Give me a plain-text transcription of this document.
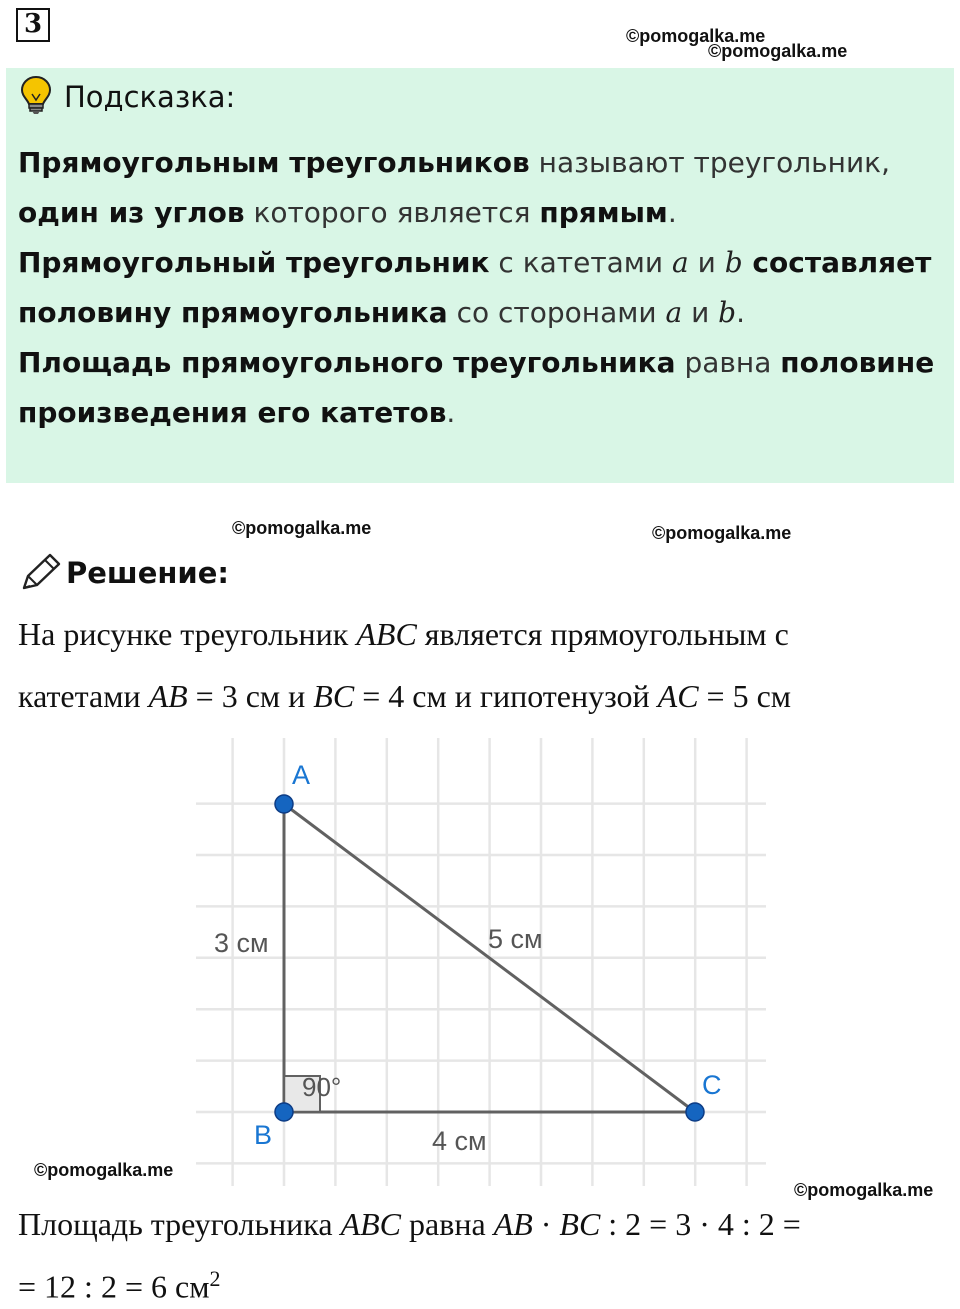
3	©pomogalka.me
©pomogalka.me
Подсказка:
Прямоугольным треугольников называют треугольник, один из углов которого является прямым.
Прямоугольный треугольник с катетами a и b составляет половину прямоугольника со сторонами a и b.
Площадь прямоугольного треугольника равна половине произведения его катетов.
©pomogalka.me	©pomogalka.me
Решение:
На рисунке треугольник ABC является прямоугольным с
катетами AB = 3 см и BC = 4 см и гипотенузой AC = 5 см
90°
3 см	5 см
4 см
A
B
C
©pomogalka.me
©pomogalka.me
Площадь треугольника ABC равна AB · BC : 2 = 3 · 4 : 2 =
= 12 : 2 = 6 $см^2$
